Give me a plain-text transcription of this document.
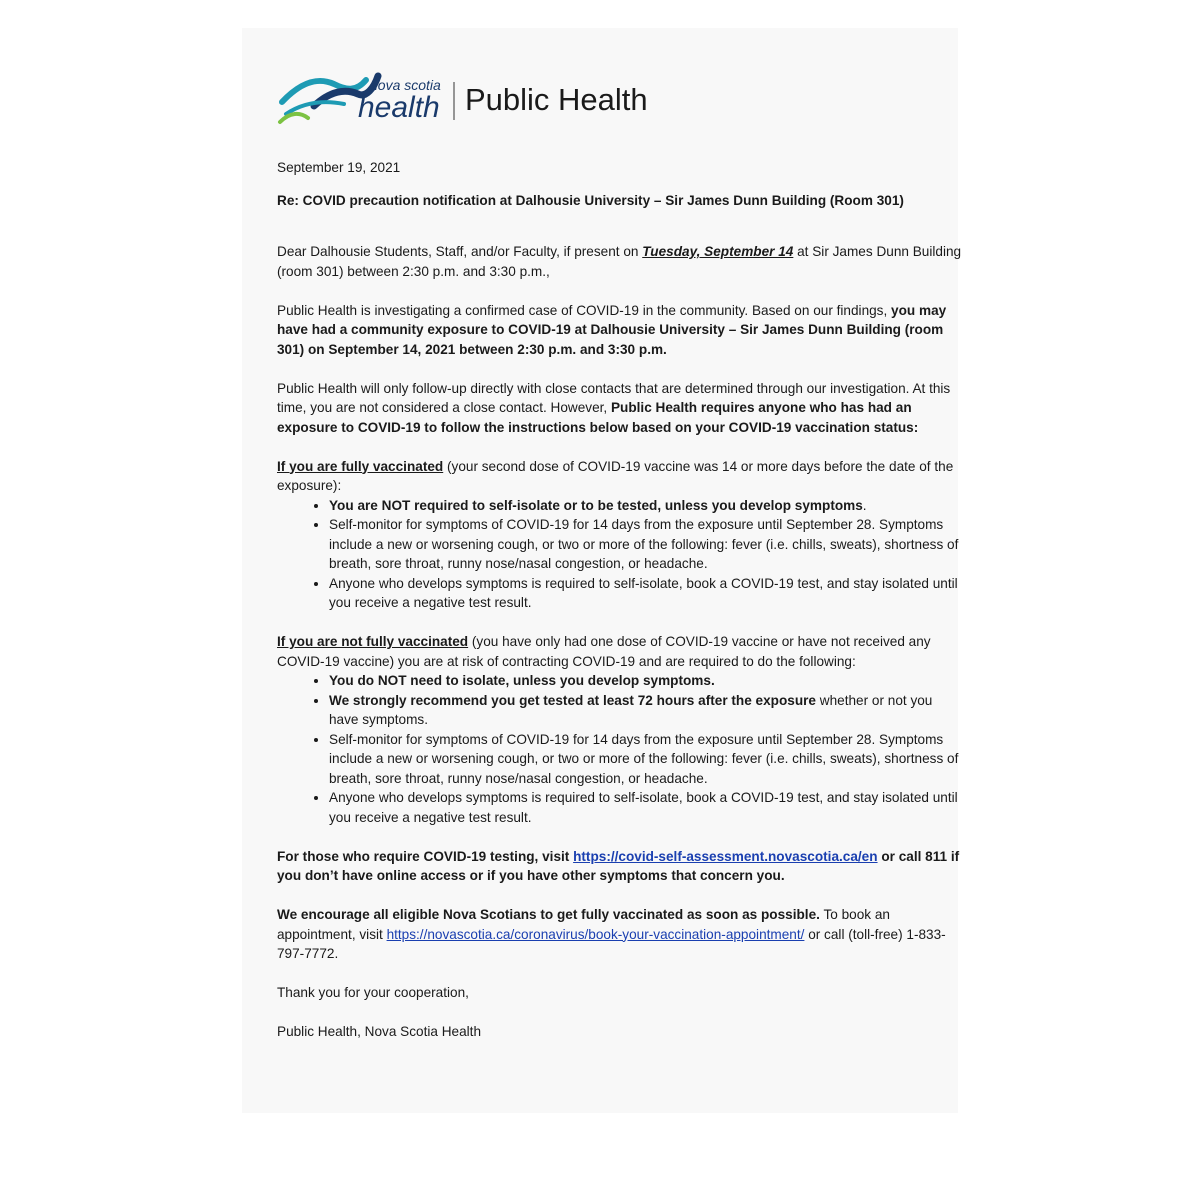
nova scotia
health Public Health

September 19, 2021

Re: COVID precaution notification at Dalhousie University – Sir James Dunn Building (Room 301)

Dear Dalhousie Students, Staff, and/or Faculty, if present on Tuesday, September 14 at Sir James Dunn Building (room 301) between 2:30 p.m. and 3:30 p.m.,

Public Health is investigating a confirmed case of COVID-19 in the community. Based on our findings, you may have had a community exposure to COVID-19 at Dalhousie University – Sir James Dunn Building (room 301) on September 14, 2021 between 2:30 p.m. and 3:30 p.m.

Public Health will only follow-up directly with close contacts that are determined through our investigation. At this time, you are not considered a close contact. However, Public Health requires anyone who has had an exposure to COVID-19 to follow the instructions below based on your COVID-19 vaccination status:

If you are fully vaccinated (your second dose of COVID-19 vaccine was 14 or more days before the date of the exposure):

• You are NOT required to self-isolate or to be tested, unless you develop symptoms.
• Self-monitor for symptoms of COVID-19 for 14 days from the exposure until September 28. Symptoms include a new or worsening cough, or two or more of the following: fever (i.e. chills, sweats), shortness of breath, sore throat, runny nose/nasal congestion, or headache.
• Anyone who develops symptoms is required to self-isolate, book a COVID-19 test, and stay isolated until you receive a negative test result.

If you are not fully vaccinated (you have only had one dose of COVID-19 vaccine or have not received any COVID-19 vaccine) you are at risk of contracting COVID-19 and are required to do the following:

• You do NOT need to isolate, unless you develop symptoms.
• We strongly recommend you get tested at least 72 hours after the exposure whether or not you have symptoms.
• Self-monitor for symptoms of COVID-19 for 14 days from the exposure until September 28. Symptoms include a new or worsening cough, or two or more of the following: fever (i.e. chills, sweats), shortness of breath, sore throat, runny nose/nasal congestion, or headache.
• Anyone who develops symptoms is required to self-isolate, book a COVID-19 test, and stay isolated until you receive a negative test result.

For those who require COVID-19 testing, visit https://covid-self-assessment.novascotia.ca/en or call 811 if you don’t have online access or if you have other symptoms that concern you.

We encourage all eligible Nova Scotians to get fully vaccinated as soon as possible. To book an appointment, visit https://novascotia.ca/coronavirus/book-your-vaccination-appointment/ or call (toll-free) 1-833-797-7772.

Thank you for your cooperation,

Public Health, Nova Scotia Health
